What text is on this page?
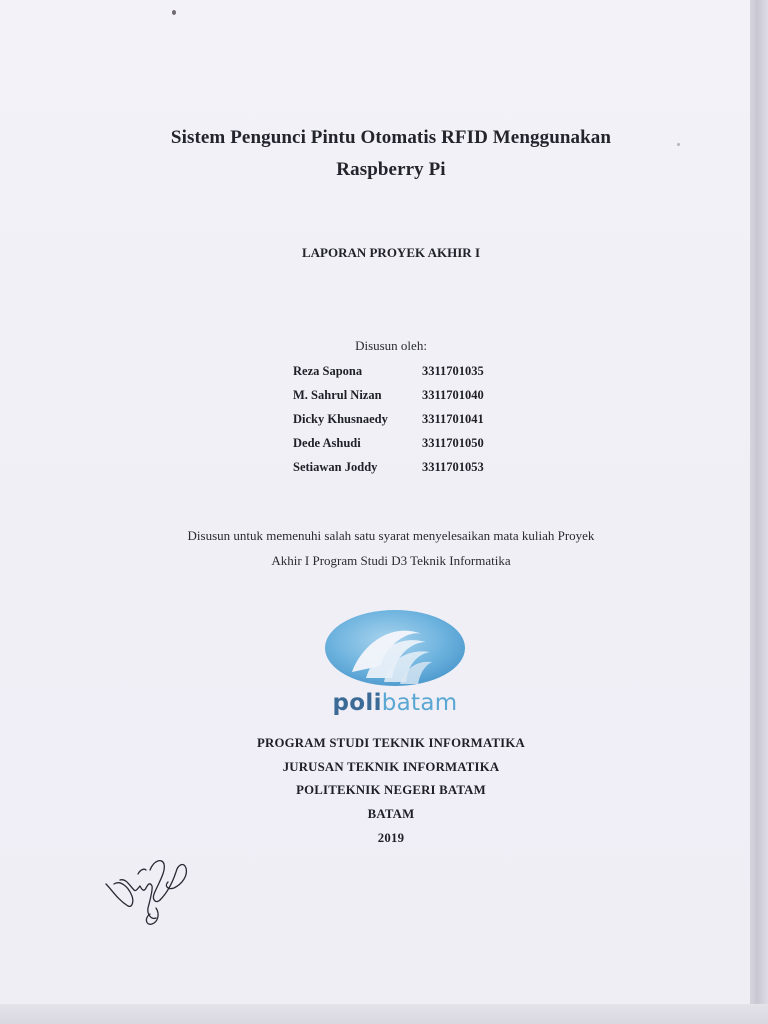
Sistem Pengunci Pintu Otomatis RFID Menggunakan
Raspberry Pi
LAPORAN PROYEK AKHIR I
Disusun oleh:
Reza Sapona	3311701035
M. Sahrul Nizan	3311701040
Dicky Khusnaedy	3311701041
Dede Ashudi	3311701050
Setiawan Joddy	3311701053
Disusun untuk memenuhi salah satu syarat menyelesaikan mata kuliah Proyek
Akhir I Program Studi D3 Teknik Informatika
polibatam
PROGRAM STUDI TEKNIK INFORMATIKA
JURUSAN TEKNIK INFORMATIKA
POLITEKNIK NEGERI BATAM
BATAM
2019
